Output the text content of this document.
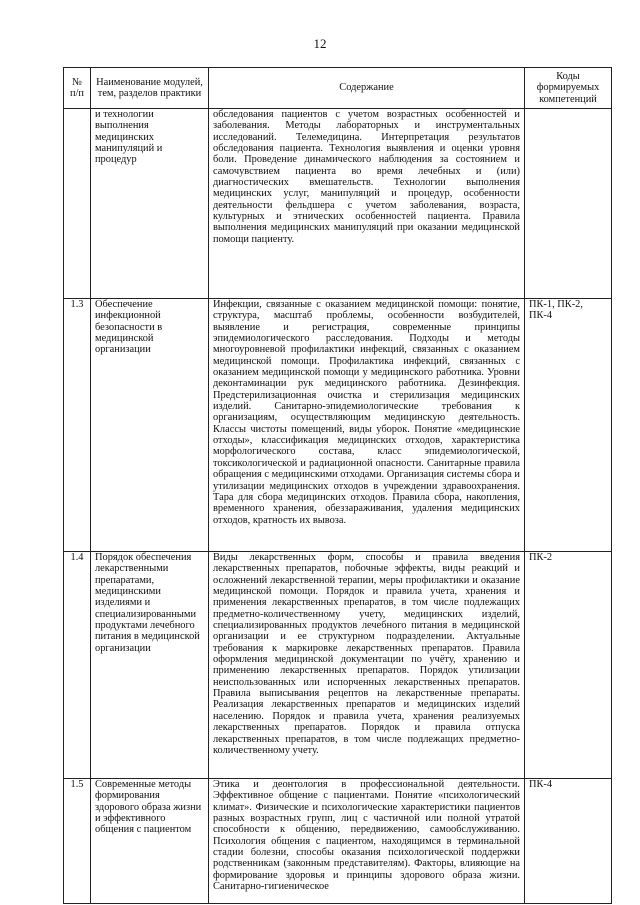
12
№ п/п	Наименование модулей, тем, разделов практики	Содержание	Коды формируемых компетенций
	и технологии выполнения медицинских манипуляций и процедур	обследования пациентов с учетом возрастных особенностей и заболевания. Методы лабораторных и инструментальных исследований. Телемедицина. Интерпретация результатов обследования пациента. Технология выявления и оценки уровня боли. Проведение динамического наблюдения за состоянием и самочувствием пациента во время лечебных и (или) диагностических вмешательств. Технологии выполнения медицинских услуг, манипуляций и процедур, особенности деятельности фельдшера с учетом заболевания, возраста, культурных и этнических особенностей пациента. Правила выполнения медицинских манипуляций при оказании медицинской помощи пациенту.	
1.3	Обеспечение инфекционной безопасности в медицинской организации	Инфекции, связанные с оказанием медицинской помощи: понятие, структура, масштаб проблемы, особенности возбудителей, выявление и регистрация, современные принципы эпидемиологического расследования. Подходы и методы многоуровневой профилактики инфекций, связанных с оказанием медицинской помощи. Профилактика инфекций, связанных с оказанием медицинской помощи у медицинского работника. Уровни деконтаминации рук медицинского работника. Дезинфекция. Предстерилизационная очистка и стерилизация медицинских изделий. Санитарно-эпидемиологические требования к организациям, осуществляющим медицинскую деятельность. Классы чистоты помещений, виды уборок. Понятие «медицинские отходы», классификация медицинских отходов, характеристика морфологического состава, класс эпидемиологической, токсикологической и радиационной опасности. Санитарные правила обращения с медицинскими отходами. Организация системы сбора и утилизации медицинских отходов в учреждении здравоохранения. Тара для сбора медицинских отходов. Правила сбора, накопления, временного хранения, обеззараживания, удаления медицинских отходов, кратность их вывоза.	ПК-1, ПК-2, ПК-4
1.4	Порядок обеспечения лекарственными препаратами, медицинскими изделиями и специализированными продуктами лечебного питания в медицинской организации	Виды лекарственных форм, способы и правила введения лекарственных препаратов, побочные эффекты, виды реакций и осложнений лекарственной терапии, меры профилактики и оказание медицинской помощи. Порядок и правила учета, хранения и применения лекарственных препаратов, в том числе подлежащих предметно-количественному учету, медицинских изделий, специализированных продуктов лечебного питания в медицинской организации и ее структурном подразделении. Актуальные требования к маркировке лекарственных препаратов. Правила оформления медицинской документации по учёту, хранению и применению лекарственных препаратов. Порядок утилизации неиспользованных или испорченных лекарственных препаратов. Правила выписывания рецептов на лекарственные препараты. Реализация лекарственных препаратов и медицинских изделий населению. Порядок и правила учета, хранения реализуемых лекарственных препаратов. Порядок и правила отпуска лекарственных препаратов, в том числе подлежащих предметно-количественному учету.	ПК-2
1.5	Современные методы формирования здорового образа жизни и эффективного общения с пациентом	Этика и деонтология в профессиональной деятельности. Эффективное общение с пациентами. Понятие «психологический климат». Физические и психологические характеристики пациентов разных возрастных групп, лиц с частичной или полной утратой способности к общению, передвижению, самообслуживанию. Психология общения с пациентом, находящимся в терминальной стадии болезни, способы оказания психологической поддержки родственникам (законным представителям). Факторы, влияющие на формирование здоровья и принципы здорового образа жизни. Санитарно-гигиеническое	ПК-4
